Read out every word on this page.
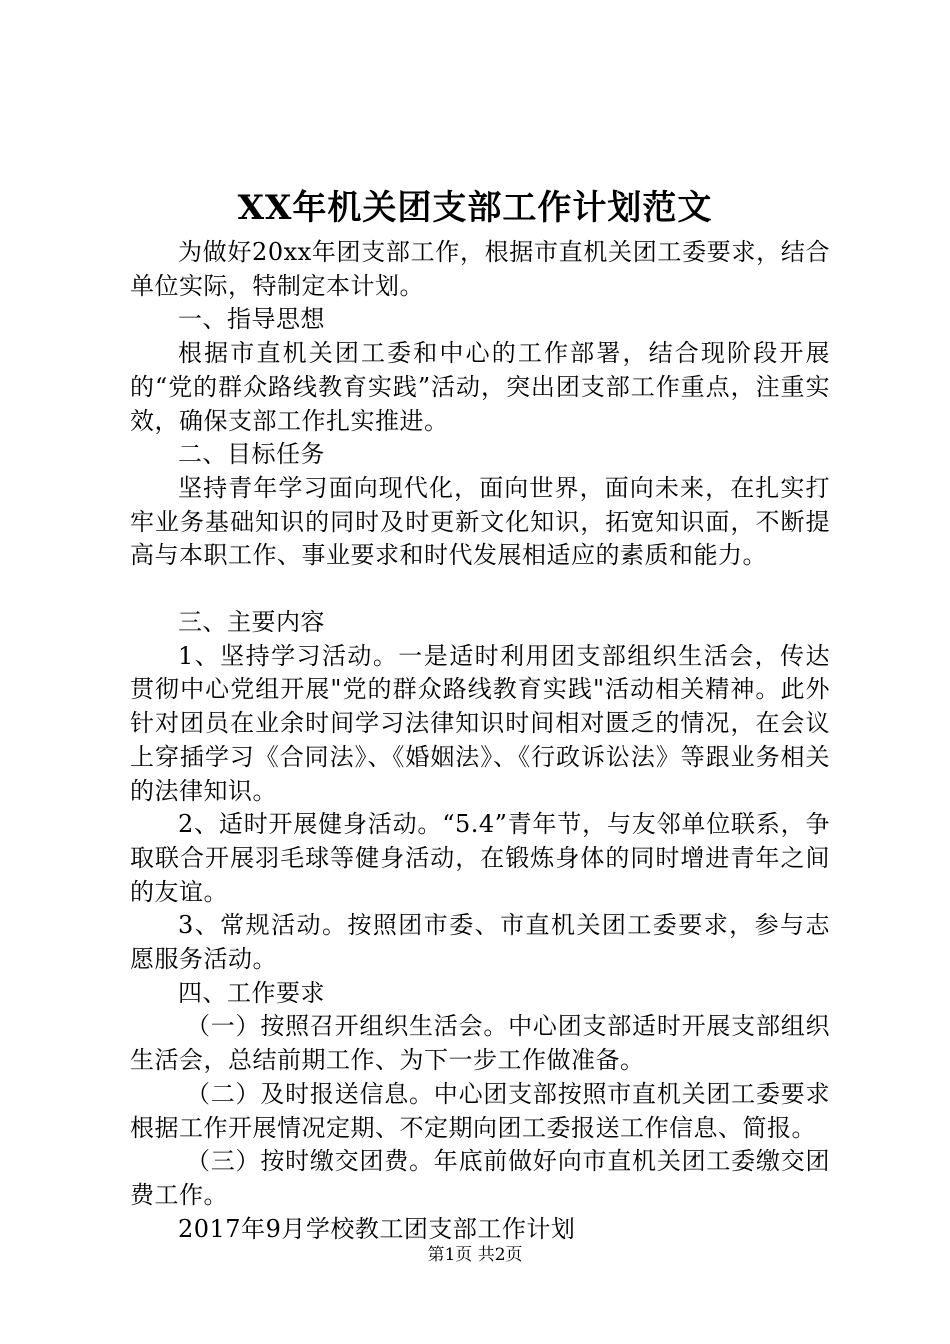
XX年机关团支部工作计划范文

为做好20xx年团支部工作，根据市直机关团工委要求，结合单位实际，特制定本计划。

一、指导思想

根据市直机关团工委和中心的工作部署，结合现阶段开展的“党的群众路线教育实践”活动，突出团支部工作重点，注重实效，确保支部工作扎实推进。

二、目标任务

坚持青年学习面向现代化，面向世界，面向未来，在扎实打牢业务基础知识的同时及时更新文化知识，拓宽知识面，不断提高与本职工作、事业要求和时代发展相适应的素质和能力。

三、主要内容

1、坚持学习活动。一是适时利用团支部组织生活会，传达贯彻中心党组开展"党的群众路线教育实践"活动相关精神。此外针对团员在业余时间学习法律知识时间相对匮乏的情况，在会议上穿插学习《合同法》、《婚姻法》、《行政诉讼法》等跟业务相关的法律知识。

2、适时开展健身活动。“5.4”青年节，与友邻单位联系，争取联合开展羽毛球等健身活动，在锻炼身体的同时增进青年之间的友谊。

3、常规活动。按照团市委、市直机关团工委要求，参与志愿服务活动。

四、工作要求

（一）按照召开组织生活会。中心团支部适时开展支部组织生活会，总结前期工作、为下一步工作做准备。

（二）及时报送信息。中心团支部按照市直机关团工委要求根据工作开展情况定期、不定期向团工委报送工作信息、简报。

（三）按时缴交团费。年底前做好向市直机关团工委缴交团费工作。

2017年9月学校教工团支部工作计划

第1页 共2页
